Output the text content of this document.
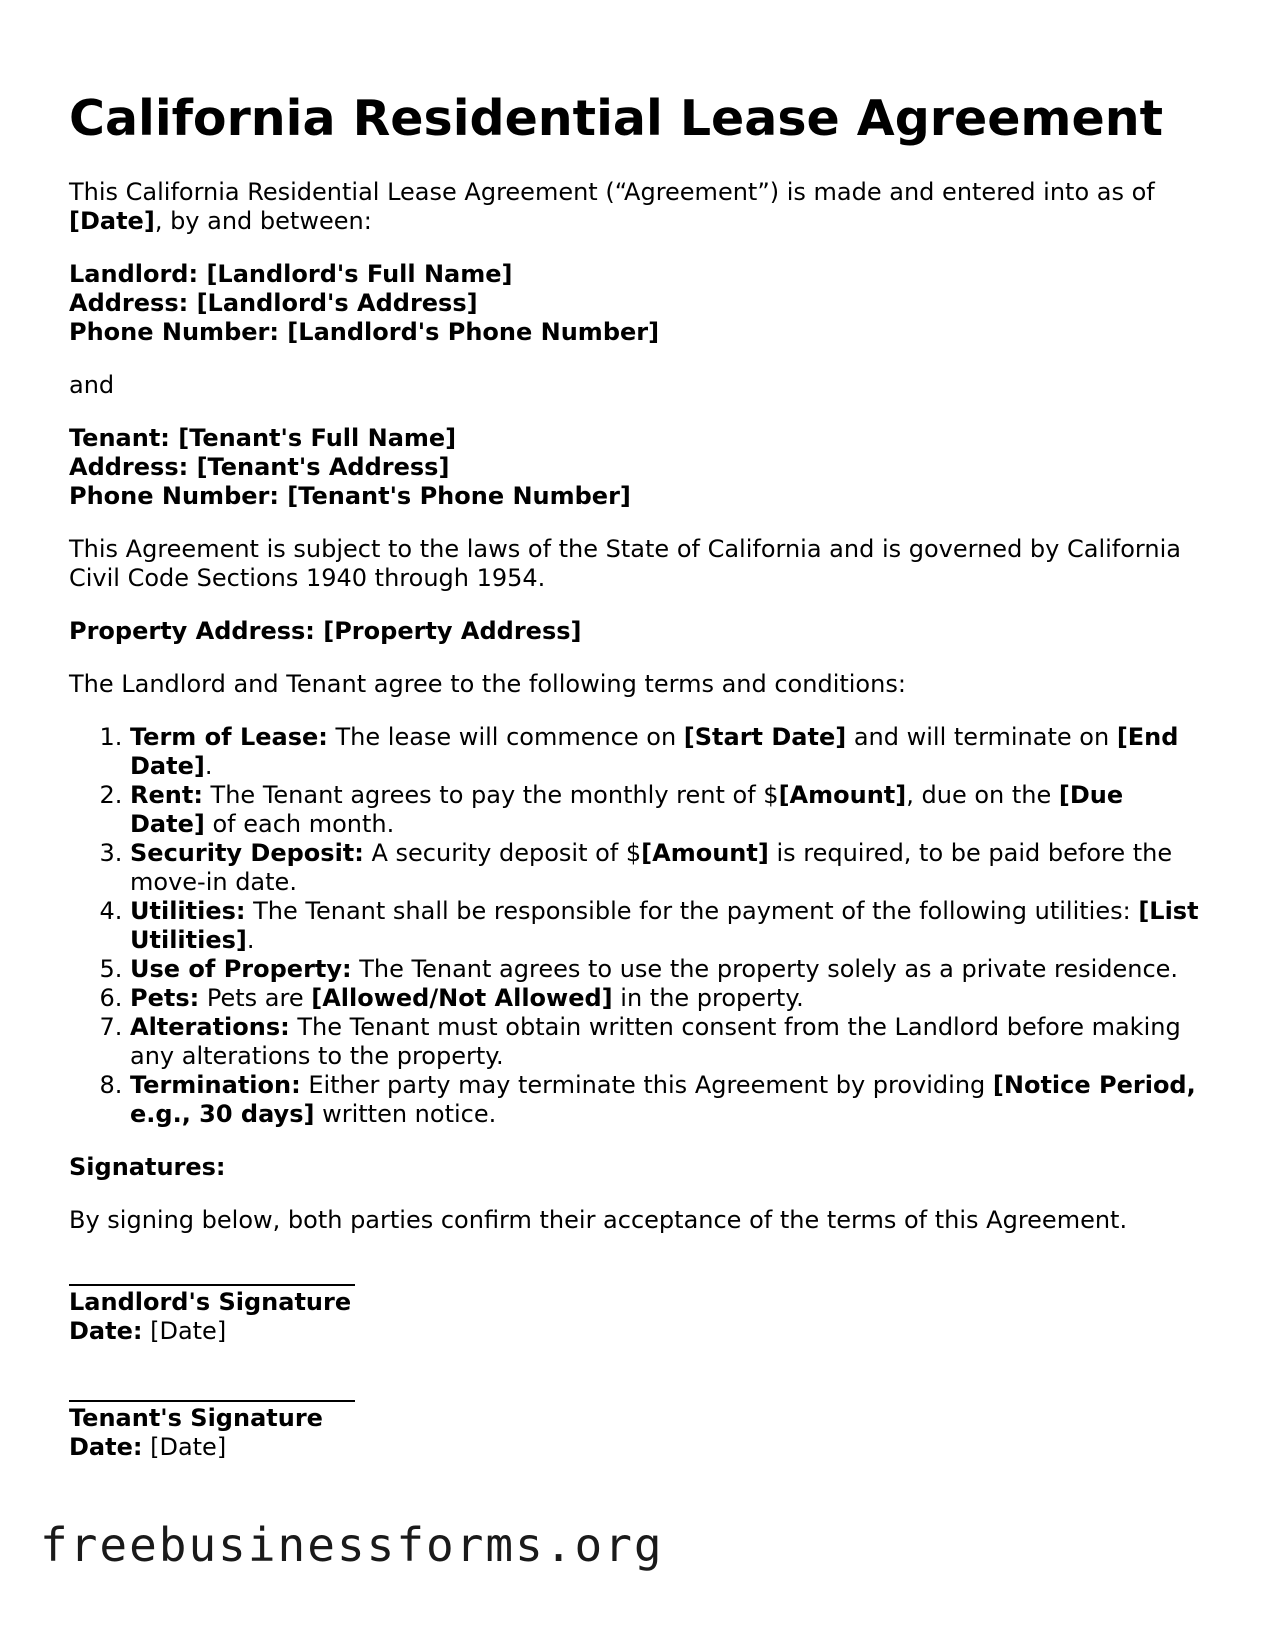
California Residential Lease Agreement

This California Residential Lease Agreement (“Agreement”) is made and entered into as of [Date], by and between:

Landlord: [Landlord's Full Name]
Address: [Landlord's Address]
Phone Number: [Landlord's Phone Number]

and

Tenant: [Tenant's Full Name]
Address: [Tenant's Address]
Phone Number: [Tenant's Phone Number]

This Agreement is subject to the laws of the State of California and is governed by California Civil Code Sections 1940 through 1954.

Property Address: [Property Address]

The Landlord and Tenant agree to the following terms and conditions:

1. Term of Lease: The lease will commence on [Start Date] and will terminate on [End Date].
2. Rent: The Tenant agrees to pay the monthly rent of $[Amount], due on the [Due Date] of each month.
3. Security Deposit: A security deposit of $[Amount] is required, to be paid before the move-in date.
4. Utilities: The Tenant shall be responsible for the payment of the following utilities: [List Utilities].
5. Use of Property: The Tenant agrees to use the property solely as a private residence.
6. Pets: Pets are [Allowed/Not Allowed] in the property.
7. Alterations: The Tenant must obtain written consent from the Landlord before making any alterations to the property.
8. Termination: Either party may terminate this Agreement by providing [Notice Period, e.g., 30 days] written notice.

Signatures:

By signing below, both parties confirm their acceptance of the terms of this Agreement.

Landlord's Signature
Date: [Date]
Tenant's Signature
Date: [Date]
freebusinessforms.org
